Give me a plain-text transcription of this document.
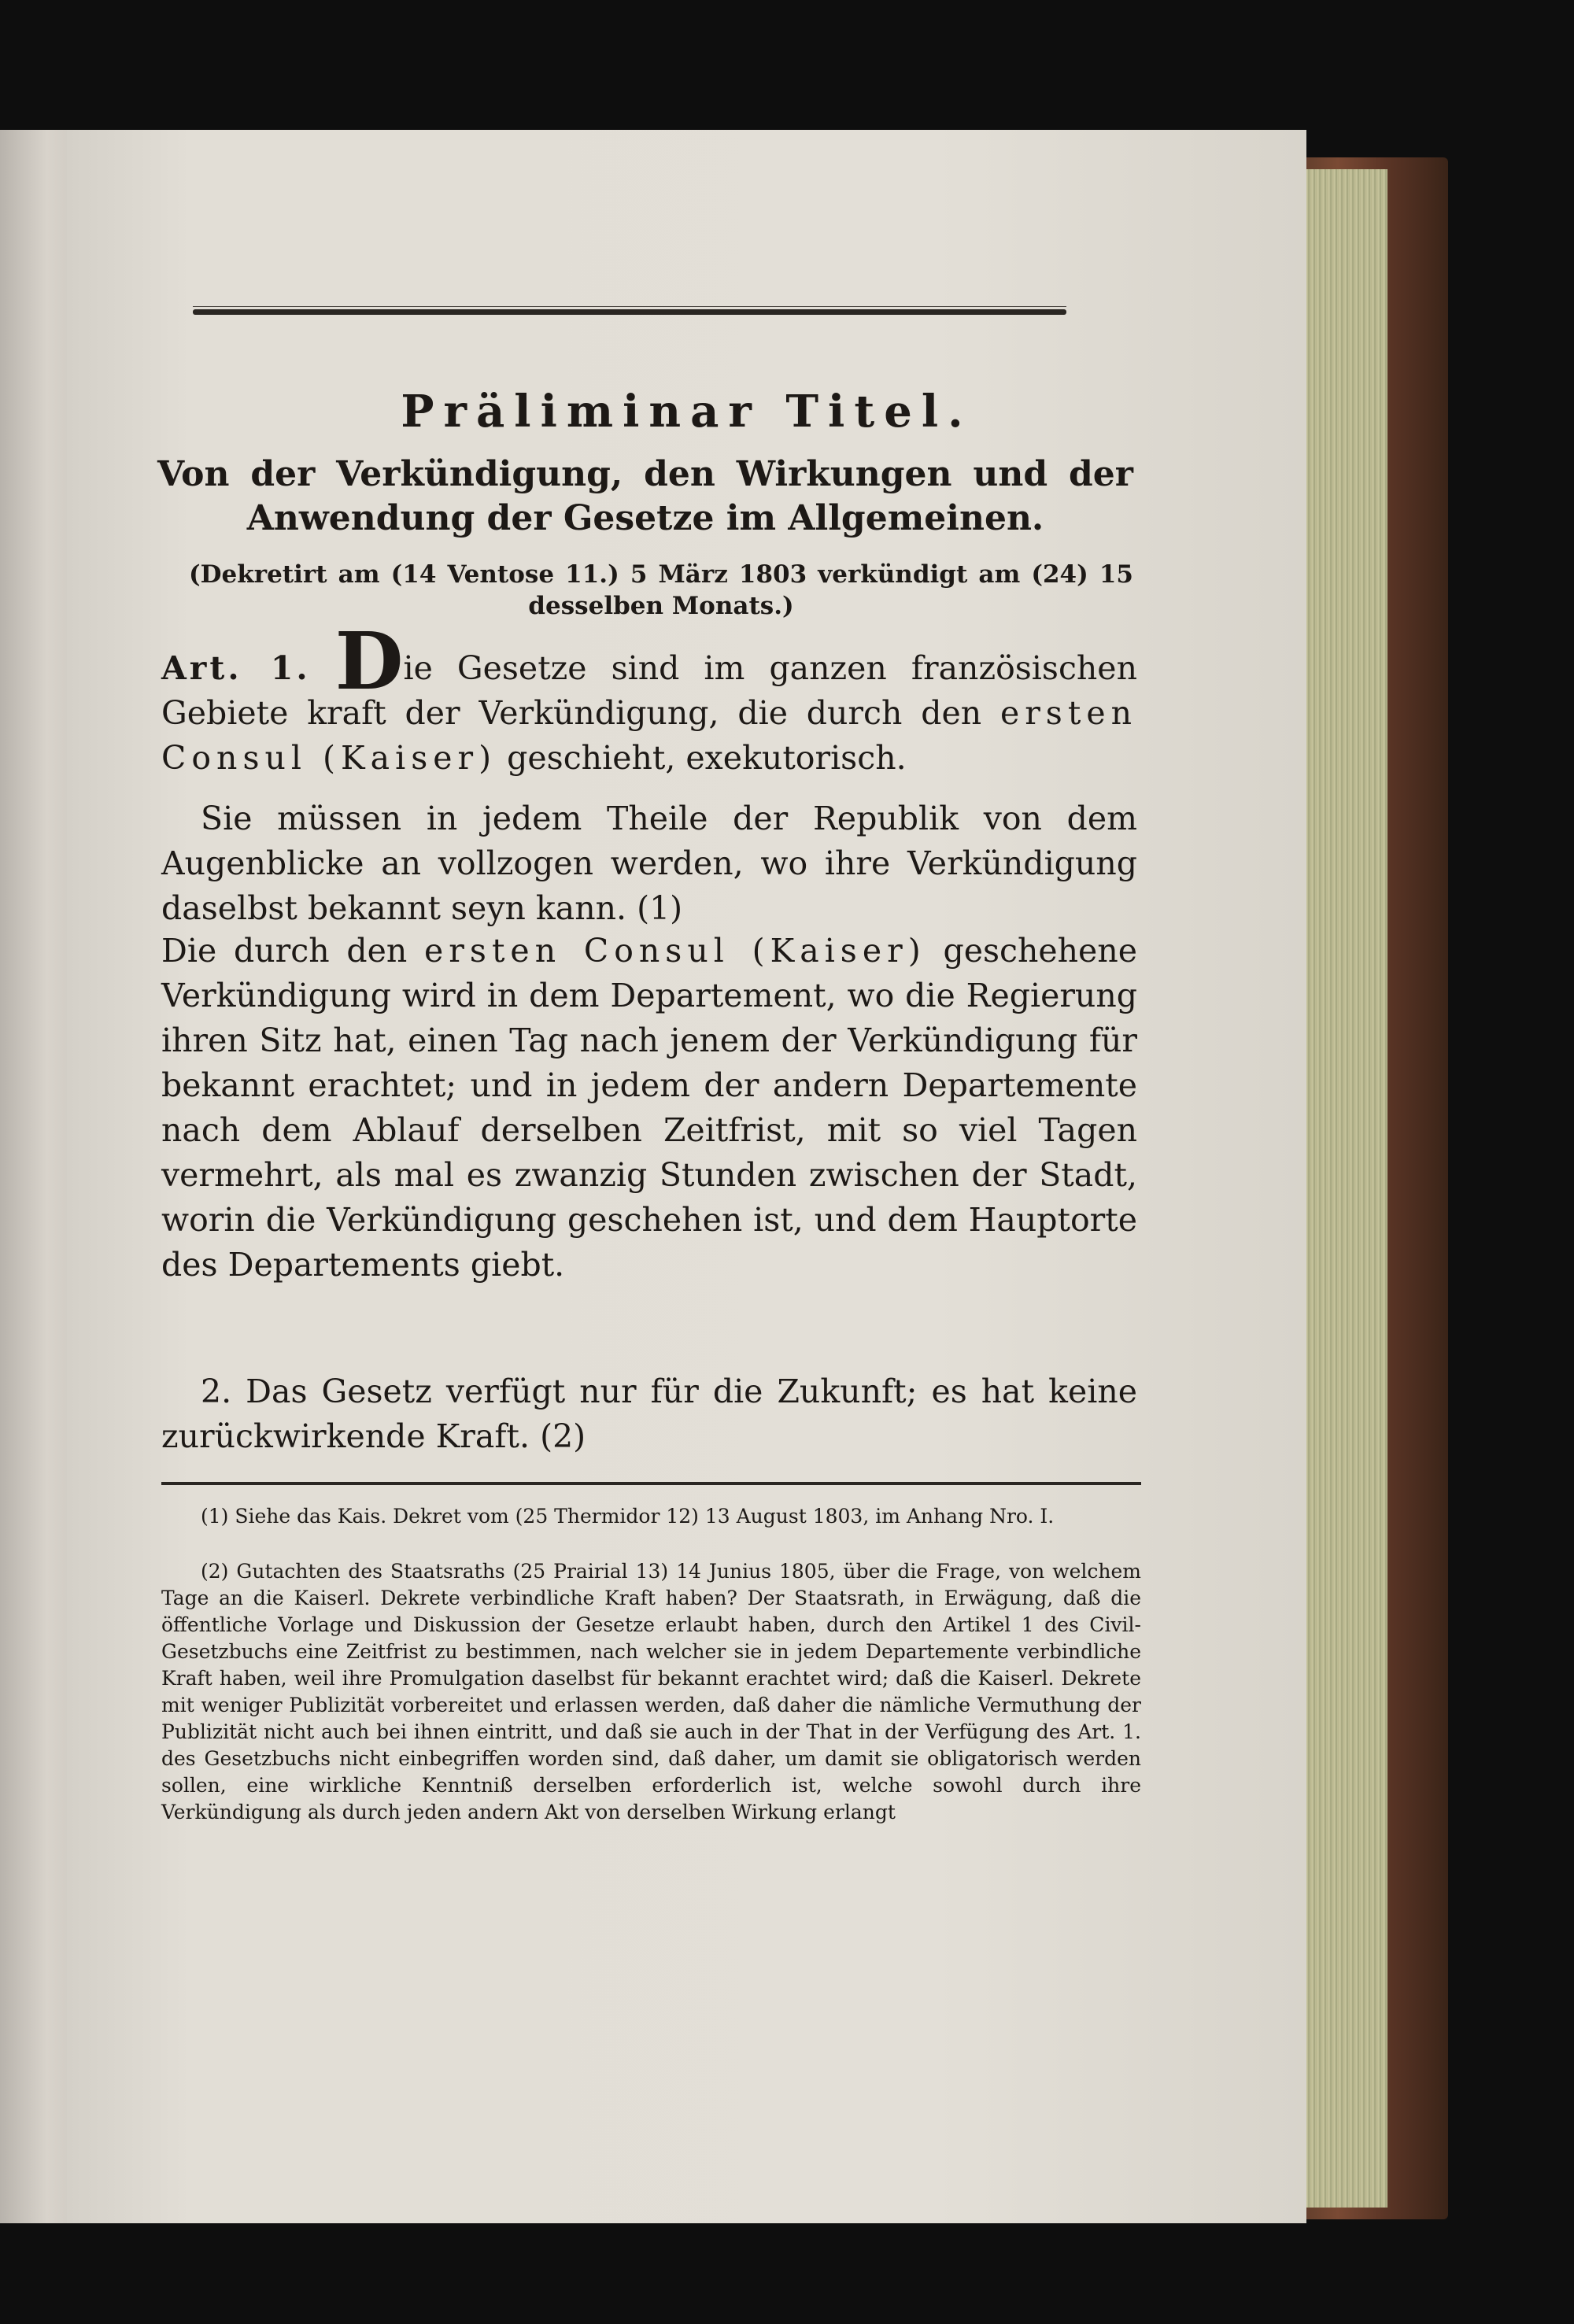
Präliminar Titel.
Von der Verkündigung, den Wirkungen und der Anwendung der Gesetze im Allgemeinen.
(Dekretirt am (14 Ventose 11.) 5 März 1803 verkündigt am (24) 15 desselben Monats.)
Art. 1. Die Gesetze sind im ganzen französischen Gebiete kraft der Verkündigung, die durch den ersten Consul (Kaiser) geschieht, exekutorisch.
Sie müssen in jedem Theile der Republik von dem Augenblicke an vollzogen werden, wo ihre Verkündigung daselbst bekannt seyn kann. (1)
Die durch den ersten Consul (Kaiser) geschehene Verkündigung wird in dem Departement, wo die Regierung ihren Sitz hat, einen Tag nach jenem der Verkündigung für bekannt erachtet; und in jedem der andern Departemente nach dem Ablauf derselben Zeitfrist, mit so viel Tagen vermehrt, als mal es zwanzig Stunden zwischen der Stadt, worin die Verkündigung geschehen ist, und dem Hauptorte des Departements giebt.
2. Das Gesetz verfügt nur für die Zukunft; es hat keine zurückwirkende Kraft. (2)
(1) Siehe das Kais. Dekret vom (25 Thermidor 12) 13 August 1803, im Anhang Nro. I.
(2) Gutachten des Staatsraths (25 Prairial 13) 14 Junius 1805, über die Frage, von welchem Tage an die Kaiserl. Dekrete verbindliche Kraft haben? Der Staatsrath, in Erwägung, daß die öffentliche Vorlage und Diskussion der Gesetze erlaubt haben, durch den Artikel 1 des Civil-Gesetzbuchs eine Zeitfrist zu bestimmen, nach welcher sie in jedem Departemente verbindliche Kraft haben, weil ihre Promulgation daselbst für bekannt erachtet wird; daß die Kaiserl. Dekrete mit weniger Publizität vorbereitet und erlassen werden, daß daher die nämliche Vermuthung der Publizität nicht auch bei ihnen eintritt, und daß sie auch in der That in der Verfügung des Art. 1. des Gesetzbuchs nicht einbegriffen worden sind, daß daher, um damit sie obligatorisch werden sollen, eine wirkliche Kenntniß derselben erforderlich ist, welche sowohl durch ihre Verkündigung als durch jeden andern Akt von derselben Wirkung erlangt
